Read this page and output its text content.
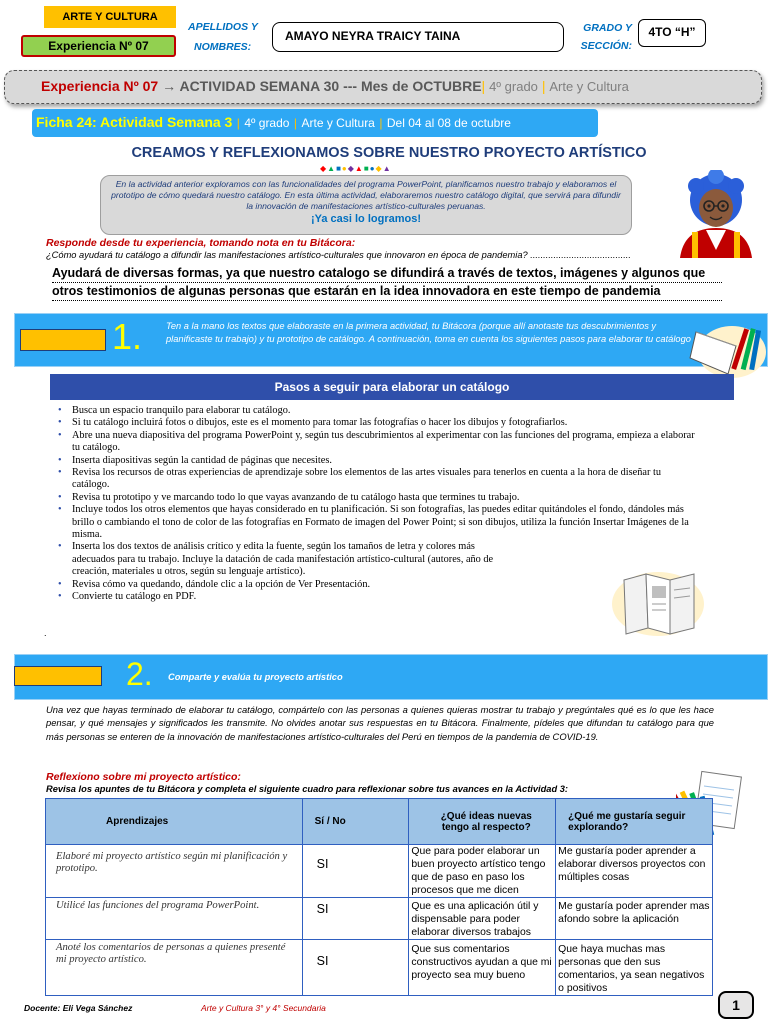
ARTE Y CULTURA
Experiencia Nº 07
APELLIDOS Y
NOMBRES:
AMAYO NEYRA TRAICY TAINA
GRADO Y
SECCIÓN:
4TO “H”
Experiencia Nº 07 → ACTIVIDAD SEMANA 30 --- Mes de OCTUBRE| 4º grado | Arte y Cultura
Ficha 24: Actividad Semana 3 | 4º grado | Arte y Cultura | Del 04 al 08 de octubre
CREAMOS Y REFLEXIONAMOS SOBRE NUESTRO PROYECTO ARTÍSTICO
◆▲■●◆▲■●◆▲
En la actividad anterior exploramos con las funcionalidades del programa PowerPoint, planificamos nuestro trabajo y elaboramos el prototipo de cómo quedará nuestro catálogo. En esta última actividad, elaboraremos nuestro catálogo digital, que servirá para difundir la innovación de manifestaciones artístico-culturales peruanas.
¡Ya casi lo logramos!
Responde desde tu experiencia, tomando nota en tu Bitácora:
¿Cómo ayudará tu catálogo a difundir las manifestaciones artístico-culturales que innovaron en época de pandemia? .......................................
Ayudará de diversas formas, ya que nuestro catalogo se difundirá a través de textos, imágenes y algunos que
otros testimonios de algunas personas que estarán en la idea innovadora en este tiempo de pandemia
1.	Ten a la mano los textos que elaboraste en la primera actividad, tu Bitácora (porque allí anotaste tus descubrimientos y planificaste tu trabajo) y tu prototipo de catálogo. A continuación, toma en cuenta los siguientes pasos para elaborar tu catálogo
Pasos a seguir para elaborar un catálogo
• Busca un espacio tranquilo para elaborar tu catálogo.
• Si tu catálogo incluirá fotos o dibujos, este es el momento para tomar las fotografías o hacer los dibujos y fotografiarlos.
• Abre una nueva diapositiva del programa PowerPoint y, según tus descubrimientos al experimentar con las funciones del programa, empieza a elaborar tu catálogo.
• Inserta diapositivas según la cantidad de páginas que necesites.
• Revisa los recursos de otras experiencias de aprendizaje sobre los elementos de las artes visuales para tenerlos en cuenta a la hora de diseñar tu catálogo.
• Revisa tu prototipo y ve marcando todo lo que vayas avanzando de tu catálogo hasta que termines tu trabajo.
• Incluye todos los otros elementos que hayas considerado en tu planificación. Si son fotografías, las puedes editar quitándoles el fondo, dándoles más brillo o cambiando el tono de color de las fotografías en Formato de imagen del Power Point; si son dibujos, utiliza la función Insertar Imágenes de la misma.
• Inserta los dos textos de análisis crítico y edita la fuente, según los tamaños de letra y colores más adecuados para tu trabajo. Incluye la datación de cada manifestación artístico-cultural (autores, año de creación, materiales u otros, según su lenguaje artístico).
• Revisa cómo va quedando, dándole clic a la opción de Ver Presentación.
• Convierte tu catálogo en PDF.
.
2. Comparte y evalúa tu proyecto artístico
Una vez que hayas terminado de elaborar tu catálogo, compártelo con las personas a quienes quieras mostrar tu trabajo y pregúntales qué es lo que les hace pensar, y qué mensajes y significados les transmite. No olvides anotar sus respuestas en tu Bitácora. Finalmente, pídeles que difundan tu catálogo para que más personas se enteren de la innovación de manifestaciones artístico-culturales del Perú en tiempos de la pandemia de COVID-19.
Reflexiono sobre mi proyecto artístico:
Revisa los apuntes de tu Bitácora y completa el siguiente cuadro para reflexionar sobre tus avances en la Actividad 3:
Aprendizajes	Sí / No	¿Qué ideas nuevas tengo al respecto?	¿Qué me gustaría seguir explorando?
Elaboré mi proyecto artístico según mi planificación y prototipo.	SI	Que para poder elaborar un buen proyecto artístico tengo que de paso en paso los procesos que me dicen	Me gustaría poder aprender a elaborar diversos proyectos con múltiples cosas
Utilicé las funciones del programa PowerPoint.	SI	Que es una aplicación útil y dispensable para poder elaborar diversos trabajos	Me gustaría poder aprender mas afondo sobre la aplicación
Anoté los comentarios de personas a quienes presenté mi proyecto artístico.	SI	Que sus comentarios constructivos ayudan a que mi proyecto sea muy bueno	Que haya muchas mas personas que den sus comentarios, ya sean negativos o positivos
Docente: Eli Vega Sánchez	Arte y Cultura 3° y 4° Secundaria	1
